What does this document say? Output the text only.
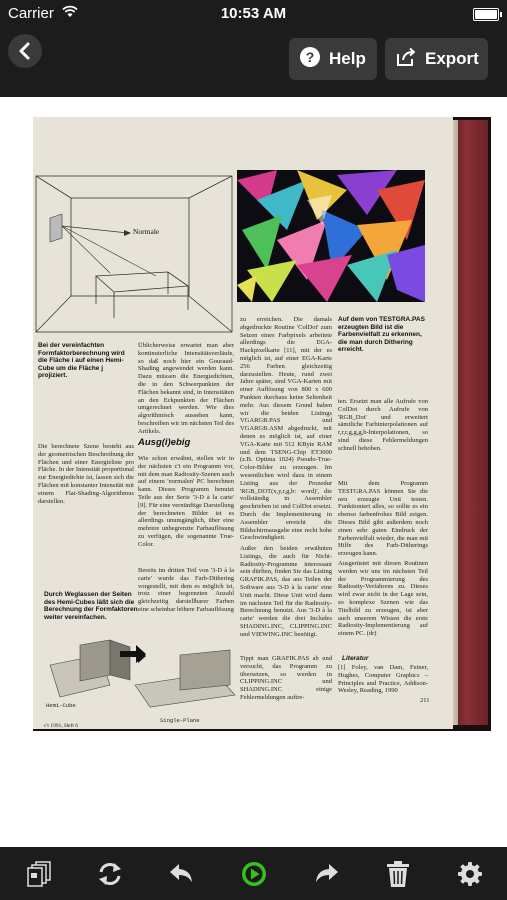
Carrier	10:53 AM
? Help	Export
Normale
Bei der vereinfachten Formfaktorberechnung wird die Fläche i auf einen Hemi-Cube um die Fläche j projiziert.
Die berechnete Szene besteht aus der geometrischen Beschreibung der Flächen und einer Energieliste pro Fläche. In der Intensität proportional zur Energiedichte ist, lassen sich die Flächen mit konstanter Intensität mit einem Flat-Shading-Algorithmus darstellen.
Durch Weglassen der Seiten des Hemi-Cubes läßt sich die Berechnung der Formfaktoren weiter vereinfachen.
Hemi-Cube
Single-Plane
c't 1991, Heft 6
Üblicherweise erwartet man aber kontinuierliche Intensitätsverläufe, so daß noch hier ein Gouraud-Shading angewendet werden kann. Dazu müssen die Energiedichten, die in den Schwerpunkten der Flächen bekannt sind, in Intensitäten an den Eckpunkten der Flächen umgerechnet werden. Wie dies algorithmisch aussehen kann, beschreiben wir im nächsten Teil des Artikels.
Ausg(i)ebig
Wie schon erwähnt, stellen wir in der nächsten c't ein Programm vor, mit dem man Radiosity-Szenen auch auf einem 'normalen' PC berechnen kann. Dieses Programm benutzt Teile aus der Serie '3-D à la carte' [9]. Für eine vernünftige Darstellung der berechneten Bilder ist es allerdings unumgänglich, über eine mehrere unbegrenzte Farbauflösung zu verfügen, die sogenannte True-Color.
Bereits im dritten Teil von '3-D à la carte' wurde das Farb-Dithering vorgestellt, mit dem es möglich ist, trotz einer begrenzten Anzahl gleichzeitig darstellbarer Farben eine scheinbar höhere Farbauflösung
zu erreichen. Die damals abgedruckte Routine 'ColDot' zum Setzen eines Farbpixels arbeitete allerdings die EGA-Hackpixelkarte [11], mit der es möglich ist, auf einer EGA-Karte 256 Farben gleichzeitig darzustellen. Heute, rund zwei Jahre später, sind VGA-Karten mit einer Auflösung von 800 x 600 Punkten durchaus keine Seltenheit mehr. Aus diesem Grund haben wir die beiden Listings VGARGB.PAS und VGARGB.ASM abgedruckt, mit denen es möglich ist, auf einer VGA-Karte mit 512 KByte RAM und dem TSENG-Chip ET3000 (z.B. Optima 1024) Pseudo-True-Color-Bilder zu erzeugen. Im wesentlichen wird dazu in einem Listing aus der Prozedur 'RGB_DOT(x,y,r,g,b: word)', die vollständig in Assembler geschrieben ist und ColDot ersetzt. Durch die Implementierung in Assembler erreicht die Bildschirmausgabe eine recht hohe Geschwindigkeit.
Außer den beiden erwähnten Listings, die auch für Nicht-Radiosity-Programme interessant sein dürften, finden Sie das Listing GRAFIK.PAS, das aus Teilen der Software aus '3-D à la carte' eine Unit macht. Diese Unit wird dann im nächsten Teil für die Radiosity-Berechnung benutzt. Aus '3-D à la carte' werden die drei Includes SHADING.INC, CLIPPING.INC und VIEWING.INC benötigt.
Tippt man GRAFIK.PAS ab und versucht, das Programm zu übersetzen, so werden in CLIPPING.INC und SHADING.INC einige Fehlermeldungen auftre-
Auf dem von TESTGRA.PAS erzeugten Bild ist die Farbenvielfalt zu erkennen, die man durch Dithering erreicht.
ten. Ersetzt man alle Aufrufe von ColDot durch Aufrufe von 'RGB_Dot' und erweitert sämtliche Farbinterpolationen auf r,r,r,g,g,g,b-Interpolationen, so sind diese Fehlermeldungen schnell behoben.
Mit dem Programm TESTGRA.PAS können Sie die neu erzeugte Unit testen. Funktioniert alles, so sollte es ein ebenso farbenfrohes Bild zeigen. Dieses Bild gibt außerdem noch einen sehr guten Eindruck der Farbenvielfalt wieder, die man mit Hilfe des Farb-Ditherings erzeugen kann.
Ausgerüstet mit diesen Routinen werden wir uns im nächsten Teil der Programmierung des Radiosity-Verfahrens zu. Dieses wird zwar nicht in der Lage sein, so komplexe Szenen wie das Titelbild zu erzeugen, ist aber auch unserem Wissen die erste Radiosity-Implementierung auf einem PC. (dr)
Literatur
[1] Foley, van Dam, Feiner, Hughes, Computer Graphics – Principles and Practice, Addison-Wesley, Reading, 1990
211
